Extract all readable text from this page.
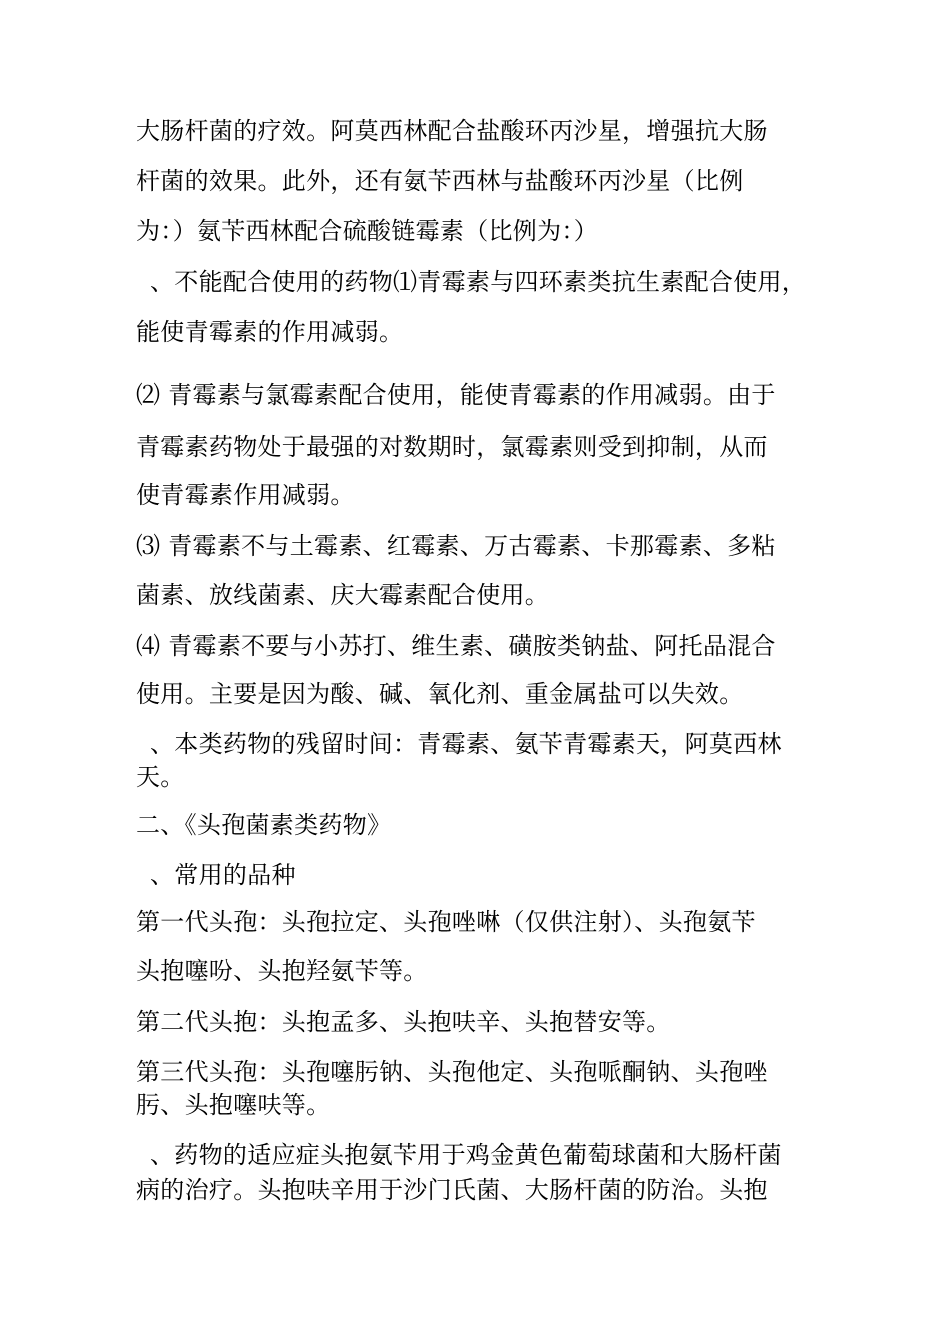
大肠杆菌的疗效。阿莫西林配合盐酸环丙沙星，增强抗大肠
杆菌的效果。此外，还有氨苄西林与盐酸环丙沙星（比例
为：）氨苄西林配合硫酸链霉素（比例为：）
、不能配合使用的药物⑴青霉素与四环素类抗生素配合使用，
能使青霉素的作用减弱。
⑵ 青霉素与氯霉素配合使用，能使青霉素的作用减弱。由于
青霉素药物处于最强的对数期时，氯霉素则受到抑制，从而
使青霉素作用减弱。
⑶ 青霉素不与土霉素、红霉素、万古霉素、卡那霉素、多粘
菌素、放线菌素、庆大霉素配合使用。
⑷ 青霉素不要与小苏打、维生素、磺胺类钠盐、阿托品混合
使用。主要是因为酸、碱、氧化剂、重金属盐可以失效。
、本类药物的残留时间：青霉素、氨苄青霉素天，阿莫西林
天。
二、《头孢菌素类药物》
、常用的品种
第一代头孢：头孢拉定、头孢唑啉（仅供注射）、头孢氨苄
头抱噻吩、头抱羟氨苄等。
第二代头抱：头抱孟多、头抱呋辛、头抱替安等。
第三代头孢：头孢噻肟钠、头孢他定、头孢哌酮钠、头孢唑
肟、头抱噻呋等。
、药物的适应症头抱氨苄用于鸡金黄色葡萄球菌和大肠杆菌
病的治疗。头抱呋辛用于沙门氏菌、大肠杆菌的防治。头抱
